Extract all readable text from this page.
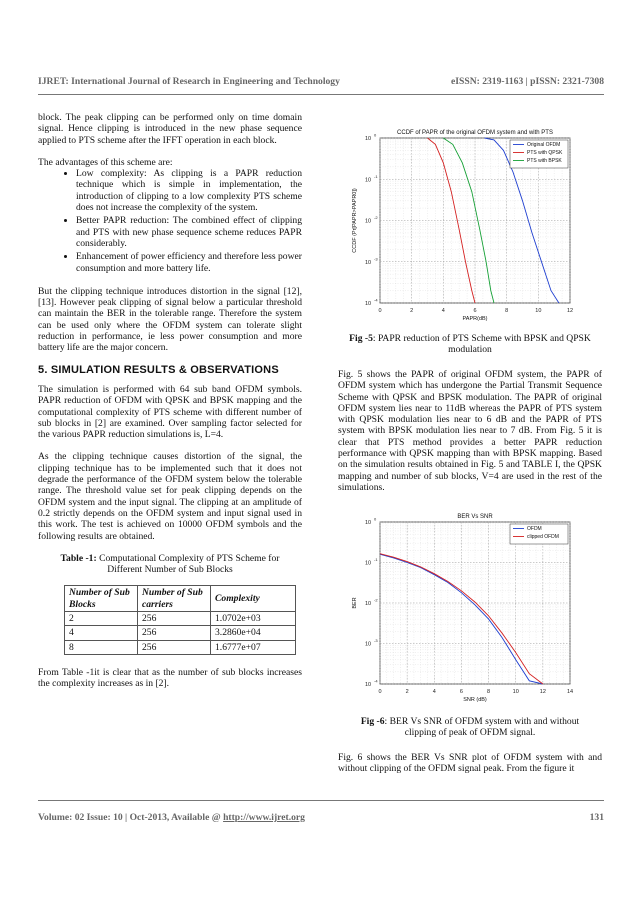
IJRET: International Journal of Research in Engineering and Technology	eISSN: 2319-1163 | pISSN: 2321-7308

block. The peak clipping can be performed only on time domain signal. Hence clipping is introduced in the new phase sequence applied to PTS scheme after the IFFT operation in each block.

The advantages of this scheme are:
• Low complexity: As clipping is a PAPR reduction technique which is simple in implementation, the introduction of clipping to a low complexity PTS scheme does not increase the complexity of the system.
• Better PAPR reduction: The combined effect of clipping and PTS with new phase sequence scheme reduces PAPR considerably.
• Enhancement of power efficiency and therefore less power consumption and more battery life.

But the clipping technique introduces distortion in the signal [12],[13]. However peak clipping of signal below a particular threshold can maintain the BER in the tolerable range. Therefore the system can be used only where the OFDM system can tolerate slight reduction in performance, ie less power consumption and more battery life are the major concern.

5. SIMULATION RESULTS & OBSERVATIONS

The simulation is performed with 64 sub band OFDM symbols. PAPR reduction of OFDM with QPSK and BPSK mapping and the computational complexity of PTS scheme with different number of sub blocks in [2] are examined. Over sampling factor selected for the various PAPR reduction simulations is, L=4.

As the clipping technique causes distortion of the signal, the clipping technique has to be implemented such that it does not degrade the performance of the OFDM system below the tolerable range. The threshold value set for peak clipping depends on the OFDM system and the input signal. The clipping at an amplitude of 0.2 strictly depends on the OFDM system and input signal used in this work. The test is achieved on 10000 OFDM symbols and the following results are obtained.

Table -1: Computational Complexity of PTS Scheme for Different Number of Sub Blocks
Number of Sub Blocks	Number of Sub carriers	Complexity
2	256	1.0702e+03
4	256	3.2860e+04
8	256	1.6777e+07

From Table -1it is clear that as the number of sub blocks increases the complexity increases as in [2].

0	2	4	6	8	10	12
10
0
10
-1
10
-2
10
-3
10
-4
CCDF of PAPR of the original OFDM system and with PTS
PAPR(dB)
CCDF (Pr[PAPR>PAPR0])
Original OFDM
PTS with QPSK
PTS with BPSK
Fig -5: PAPR reduction of PTS Scheme with BPSK and QPSK modulation

Fig. 5 shows the PAPR of original OFDM system, the PAPR of OFDM system which has undergone the Partial Transmit Sequence Scheme with QPSK and BPSK modulation. The PAPR of original OFDM system lies near to 11dB whereas the PAPR of PTS system with QPSK modulation lies near to 6 dB and the PAPR of PTS system with BPSK modulation lies near to 7 dB. From Fig. 5 it is clear that PTS method provides a better PAPR reduction performance with QPSK mapping than with BPSK mapping. Based on the simulation results obtained in Fig. 5 and TABLE I, the QPSK mapping and number of sub blocks, V=4 are used in the rest of the simulations.

0	2	4	6	8	10	12	14
10
0
10
-1
10
-2
10
-3
10
-4
BER Vs SNR
SNR (dB)
BER
OFDM
clipped OFDM
Fig -6: BER Vs SNR of OFDM system with and without clipping of peak of OFDM signal.

Fig. 6 shows the BER Vs SNR plot of OFDM system with and without clipping of the OFDM signal peak. From the figure it

Volume: 02 Issue: 10 | Oct-2013, Available @ http://www.ijret.org	131
